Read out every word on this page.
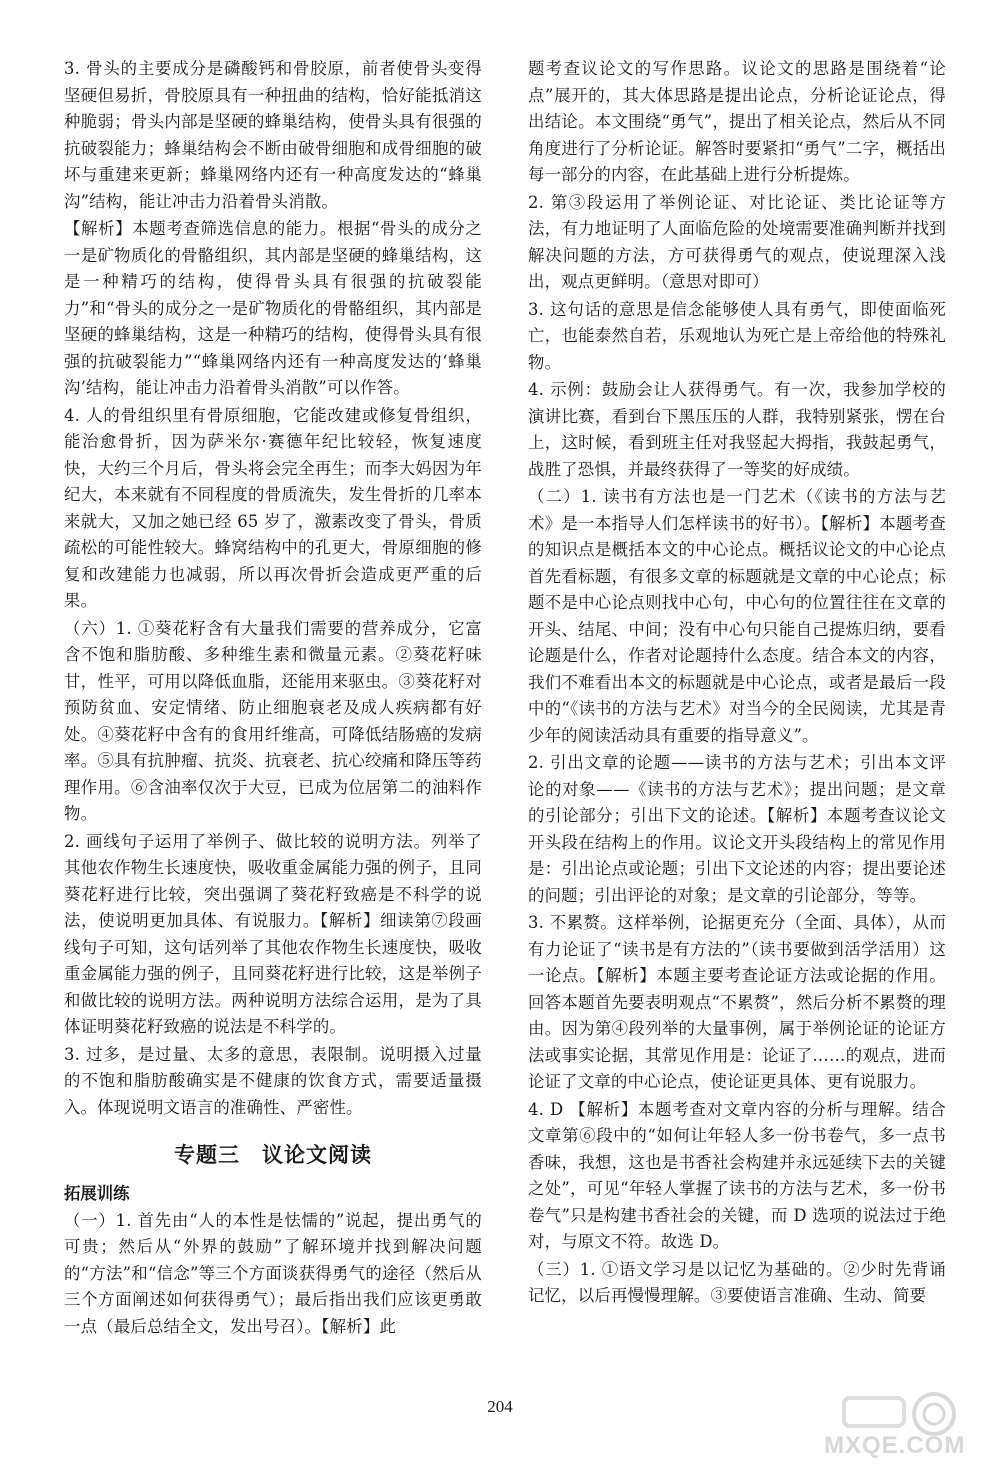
3. 骨头的主要成分是磷酸钙和骨胶原，前者使骨头变得坚硬但易折，骨胶原具有一种扭曲的结构，恰好能抵消这种脆弱；骨头内部是坚硬的蜂巢结构，使骨头具有很强的抗破裂能力；蜂巢结构会不断由破骨细胞和成骨细胞的破坏与重建来更新；蜂巢网络内还有一种高度发达的“蜂巢沟”结构，能让冲击力沿着骨头消散。

【解析】本题考查筛选信息的能力。根据“骨头的成分之一是矿物质化的骨骼组织，其内部是坚硬的蜂巢结构，这是一种精巧的结构，使得骨头具有很强的抗破裂能力”和“骨头的成分之一是矿物质化的骨骼组织，其内部是坚硬的蜂巢结构，这是一种精巧的结构，使得骨头具有很强的抗破裂能力”“蜂巢网络内还有一种高度发达的‘蜂巢沟’结构，能让冲击力沿着骨头消散”可以作答。

4. 人的骨组织里有骨原细胞，它能改建或修复骨组织，能治愈骨折，因为萨米尔·赛德年纪比较轻，恢复速度快，大约三个月后，骨头将会完全再生；而李大妈因为年纪大，本来就有不同程度的骨质流失，发生骨折的几率本来就大，又加之她已经 65 岁了，激素改变了骨头，骨质疏松的可能性较大。蜂窝结构中的孔更大，骨原细胞的修复和改建能力也减弱，所以再次骨折会造成更严重的后果。

（六）1. ①葵花籽含有大量我们需要的营养成分，它富含不饱和脂肪酸、多种维生素和微量元素。②葵花籽味甘，性平，可用以降低血脂，还能用来驱虫。③葵花籽对预防贫血、安定情绪、防止细胞衰老及成人疾病都有好处。④葵花籽中含有的食用纤维高，可降低结肠癌的发病率。⑤具有抗肿瘤、抗炎、抗衰老、抗心绞痛和降压等药理作用。⑥含油率仅次于大豆，已成为位居第二的油料作物。

2. 画线句子运用了举例子、做比较的说明方法。列举了其他农作物生长速度快，吸收重金属能力强的例子，且同葵花籽进行比较，突出强调了葵花籽致癌是不科学的说法，使说明更加具体、有说服力。【解析】细读第⑦段画线句子可知，这句话列举了其他农作物生长速度快，吸收重金属能力强的例子，且同葵花籽进行比较，这是举例子和做比较的说明方法。两种说明方法综合运用，是为了具体证明葵花籽致癌的说法是不科学的。

3. 过多，是过量、太多的意思，表限制。说明摄入过量的不饱和脂肪酸确实是不健康的饮食方式，需要适量摄入。体现说明文语言的准确性、严密性。

专题三　议论文阅读

拓展训练

（一）1. 首先由“人的本性是怯懦的”说起，提出勇气的可贵；然后从“外界的鼓励”了解环境并找到解决问题的“方法”和“信念”等三个方面谈获得勇气的途径（然后从三个方面阐述如何获得勇气）；最后指出我们应该更勇敢一点（最后总结全文，发出号召）。【解析】此

题考查议论文的写作思路。议论文的思路是围绕着“论点”展开的，其大体思路是提出论点，分析论证论点，得出结论。本文围绕“勇气”，提出了相关论点，然后从不同角度进行了分析论证。解答时要紧扣“勇气”二字，概括出每一部分的内容，在此基础上进行分析提炼。

2. 第③段运用了举例论证、对比论证、类比论证等方法，有力地证明了人面临危险的处境需要准确判断并找到解决问题的方法，方可获得勇气的观点，使说理深入浅出，观点更鲜明。（意思对即可）

3. 这句话的意思是信念能够使人具有勇气，即使面临死亡，也能泰然自若，乐观地认为死亡是上帝给他的特殊礼物。

4. 示例：鼓励会让人获得勇气。有一次，我参加学校的演讲比赛，看到台下黑压压的人群，我特别紧张，愣在台上，这时候，看到班主任对我竖起大拇指，我鼓起勇气，战胜了恐惧，并最终获得了一等奖的好成绩。

（二）1. 读书有方法也是一门艺术（《读书的方法与艺术》是一本指导人们怎样读书的好书）。【解析】本题考查的知识点是概括本文的中心论点。概括议论文的中心论点首先看标题，有很多文章的标题就是文章的中心论点；标题不是中心论点则找中心句，中心句的位置往往在文章的开头、结尾、中间；没有中心句只能自己提炼归纳，要看论题是什么，作者对论题持什么态度。结合本文的内容，我们不难看出本文的标题就是中心论点，或者是最后一段中的“《读书的方法与艺术》对当今的全民阅读，尤其是青少年的阅读活动具有重要的指导意义”。

2. 引出文章的论题——读书的方法与艺术；引出本文评论的对象——《读书的方法与艺术》；提出问题；是文章的引论部分；引出下文的论述。【解析】本题考查议论文开头段在结构上的作用。议论文开头段结构上的常见作用是：引出论点或论题；引出下文论述的内容；提出要论述的问题；引出评论的对象；是文章的引论部分，等等。

3. 不累赘。这样举例，论据更充分（全面、具体），从而有力论证了“读书是有方法的”（读书要做到活学活用）这一论点。【解析】本题主要考查论证方法或论据的作用。回答本题首先要表明观点“不累赘”，然后分析不累赘的理由。因为第④段列举的大量事例，属于举例论证的论证方法或事实论据，其常见作用是：论证了……的观点，进而论证了文章的中心论点，使论证更具体、更有说服力。

4. D 【解析】本题考查对文章内容的分析与理解。结合文章第⑥段中的“如何让年轻人多一份书卷气，多一点书香味，我想，这也是书香社会构建并永远延续下去的关键之处”，可见“年轻人掌握了读书的方法与艺术，多一份书卷气”只是构建书香社会的关键，而 D 选项的说法过于绝对，与原文不符。故选 D。

（三）1. ①语文学习是以记忆为基础的。②少时先背诵记忆，以后再慢慢理解。③要使语言准确、生动、简要

204
MXQE.COM
